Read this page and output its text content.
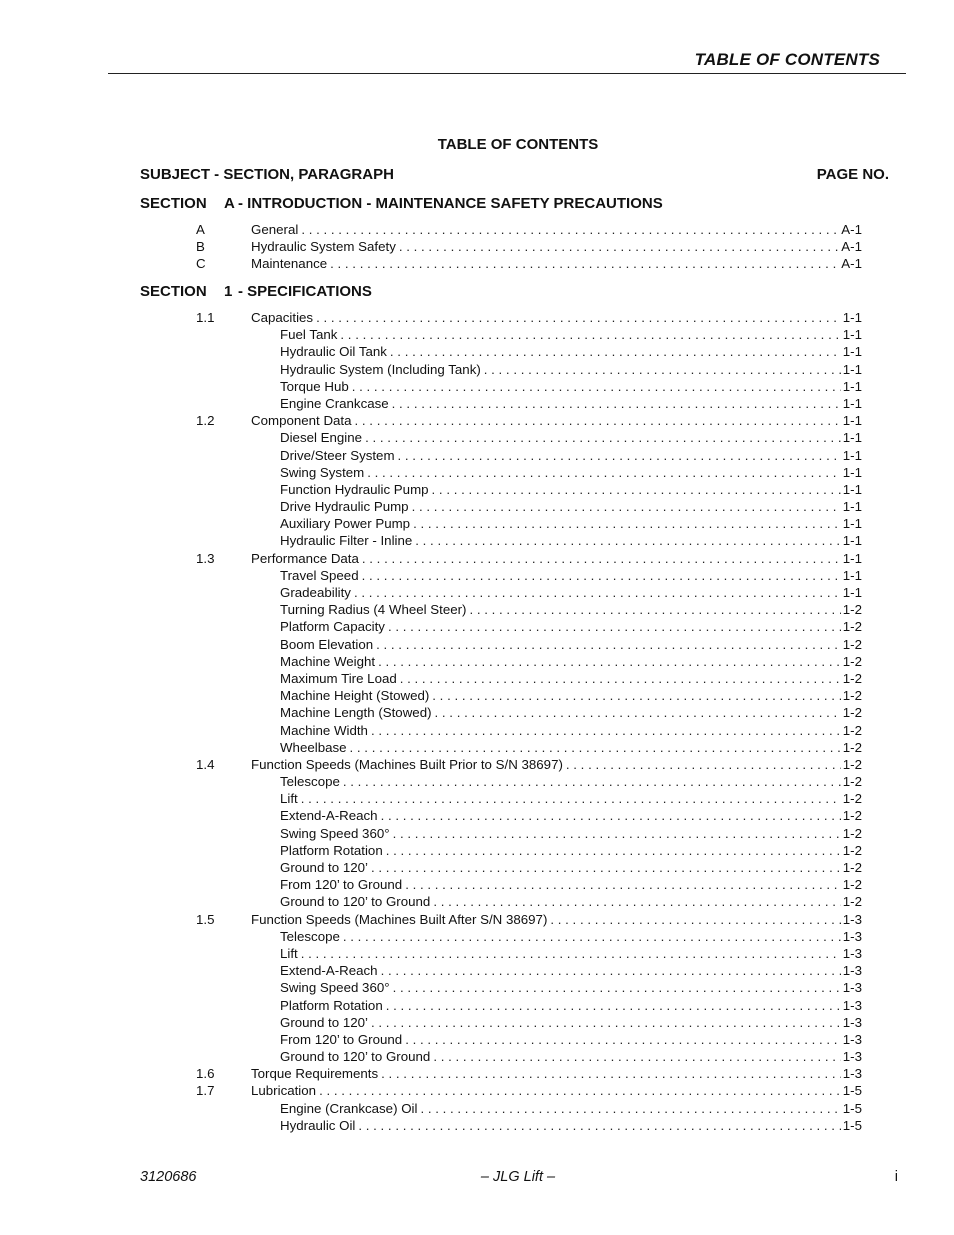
TABLE OF CONTENTS
TABLE OF CONTENTS
SUBJECT - SECTION, PARAGRAPH	PAGE NO.
SECTION A - INTRODUCTION - MAINTENANCE SAFETY PRECAUTIONS
A	General . . .	A-1
B	Hydraulic System Safety . . .	A-1
C	Maintenance . . .	A-1
SECTION 1 - SPECIFICATIONS
1.1	Capacities . . .	1-1
Fuel Tank . . .	1-1
Hydraulic Oil Tank . . .	1-1
Hydraulic System (Including Tank) . . .	1-1
Torque Hub . . .	1-1
Engine Crankcase . . .	1-1
1.2	Component Data . . .	1-1
Diesel Engine . . .	1-1
Drive/Steer System . . .	1-1
Swing System . . .	1-1
Function Hydraulic Pump . . .	1-1
Drive Hydraulic Pump . . .	1-1
Auxiliary Power Pump . . .	1-1
Hydraulic Filter - Inline . . .	1-1
1.3	Performance Data . . .	1-1
Travel Speed . . .	1-1
Gradeability . . .	1-1
Turning Radius (4 Wheel Steer) . . .	1-2
Platform Capacity . . .	1-2
Boom Elevation . . .	1-2
Machine Weight . . .	1-2
Maximum Tire Load . . .	1-2
Machine Height (Stowed) . . .	1-2
Machine Length (Stowed) . . .	1-2
Machine Width . . .	1-2
Wheelbase . . .	1-2
1.4	Function Speeds (Machines Built Prior to S/N 38697) . . .	1-2
Telescope . . .	1-2
Lift . . .	1-2
Extend-A-Reach . . .	1-2
Swing Speed 360° . . .	1-2
Platform Rotation . . .	1-2
Ground to 120’ . . .	1-2
From 120’ to Ground . . .	1-2
Ground to 120’ to Ground . . .	1-2
1.5	Function Speeds (Machines Built After S/N 38697) . . .	1-3
Telescope . . .	1-3
Lift . . .	1-3
Extend-A-Reach . . .	1-3
Swing Speed 360° . . .	1-3
Platform Rotation . . .	1-3
Ground to 120’ . . .	1-3
From 120’ to Ground . . .	1-3
Ground to 120’ to Ground . . .	1-3
1.6	Torque Requirements . . .	1-3
1.7	Lubrication . . .	1-5
Engine (Crankcase) Oil . . .	1-5
Hydraulic Oil . . .	1-5
3120686	– JLG Lift –	i
